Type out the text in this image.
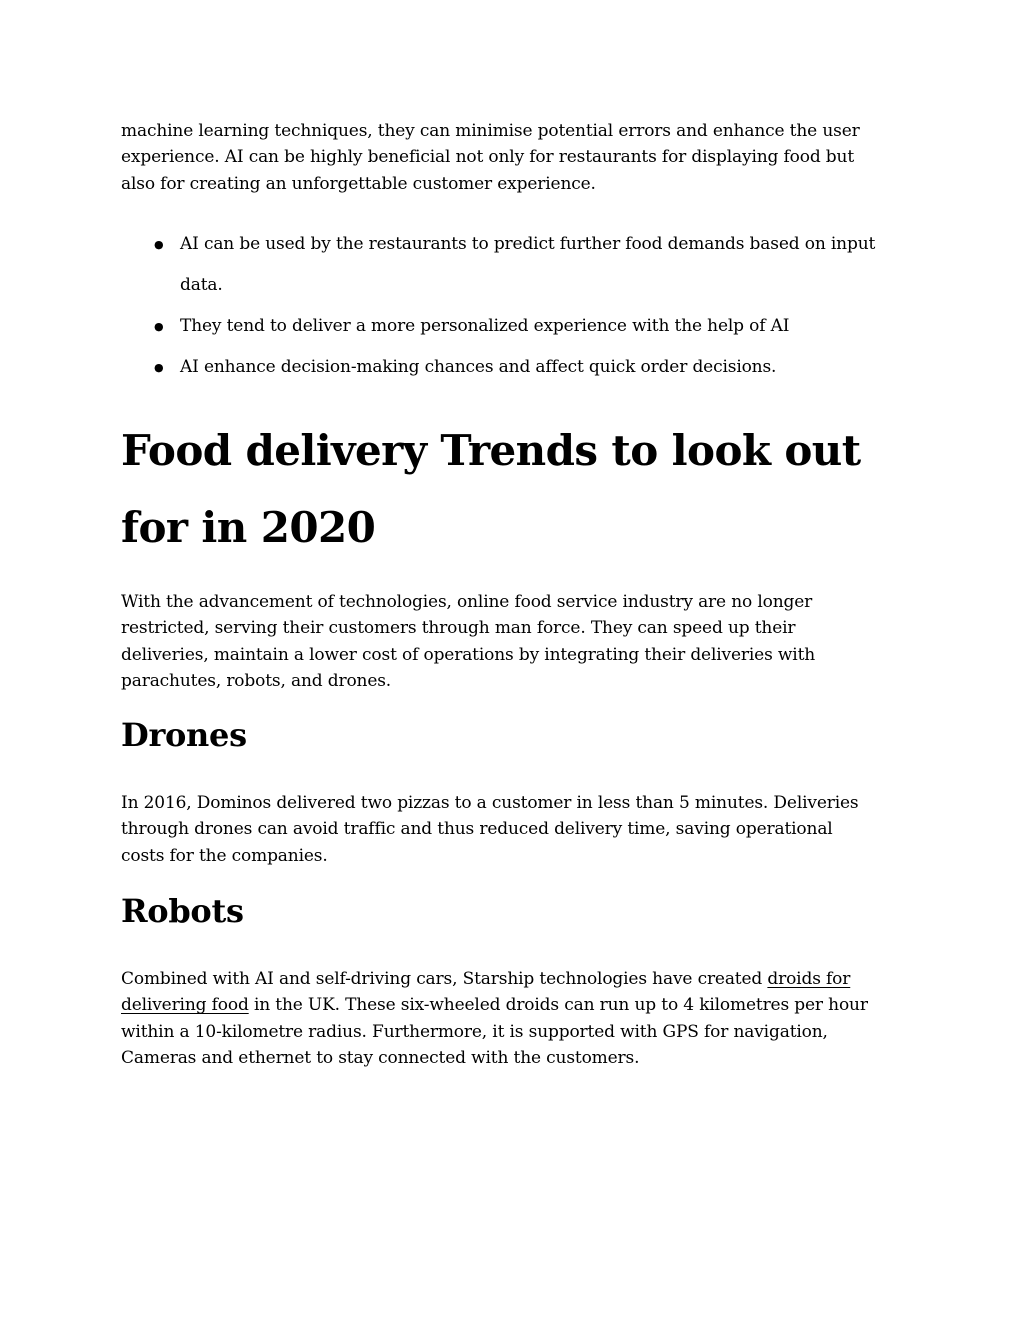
machine learning techniques, they can minimise potential errors and enhance the user
experience. AI can be highly beneficial not only for restaurants for displaying food but
also for creating an unforgettable customer experience.

● AI can be used by the restaurants to predict further food demands based on input
data.
● They tend to deliver a more personalized experience with the help of AI
● AI enhance decision-making chances and affect quick order decisions.
Food delivery Trends to look out
for in 2020

With the advancement of technologies, online food service industry are no longer
restricted, serving their customers through man force. They can speed up their
deliveries, maintain a lower cost of operations by integrating their deliveries with
parachutes, robots, and drones.

Drones

In 2016, Dominos delivered two pizzas to a customer in less than 5 minutes. Deliveries
through drones can avoid traffic and thus reduced delivery time, saving operational
costs for the companies.

Robots

Combined with AI and self-driving cars, Starship technologies have created droids for
delivering food in the UK. These six-wheeled droids can run up to 4 kilometres per hour
within a 10-kilometre radius. Furthermore, it is supported with GPS for navigation,
Cameras and ethernet to stay connected with the customers.
